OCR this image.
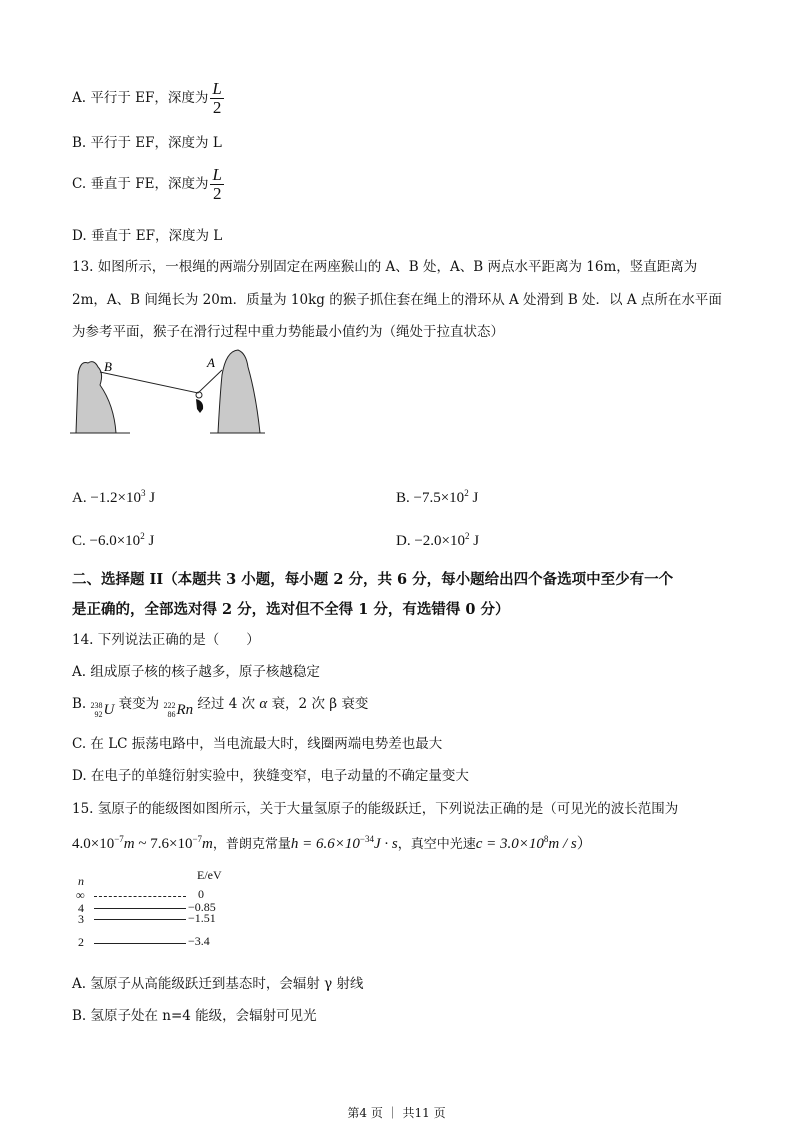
A. 平行于 EF，深度为 $\frac{L}{2}$
B. 平行于 EF，深度为 L
C. 垂直于 FE，深度为 $\frac{L}{2}$
D. 垂直于 EF，深度为 L
13. 如图所示，一根绳的两端分别固定在两座猴山的 A、B 处，A、B 两点水平距离为 16m，竖直距离为
2m，A、B 间绳长为 20m．质量为 10kg 的猴子抓住套在绳上的滑环从 A 处滑到 B 处．以 A 点所在水平面
为参考平面，猴子在滑行过程中重力势能最小值约为（绳处于拉直状态）
B	A
A. $-1.2\times 10^3$ J	B. $-7.5\times 10^2$ J
C. $-6.0\times 10^2$ J	D. $-2.0\times 10^2$ J
二、选择题 II（本题共 3 小题，每小题 2 分，共 6 分，每小题给出四个备选项中至少有一个
是正确的，全部选对得 2 分，选对但不全得 1 分，有选错得 0 分）
14. 下列说法正确的是（　　）
A. 组成原子核的核子越多，原子核越稳定
B. 238
92 U 衰变为 222
86 Rn 经过 4 次 α 衰，2 次 β 衰变
C. 在 LC 振荡电路中，当电流最大时，线圈两端电势差也最大
D. 在电子的单缝衍射实验中，狭缝变窄，电子动量的不确定量变大
15. 氢原子的能级图如图所示，关于大量氢原子的能级跃迁，下列说法正确的是（可见光的波长范围为
$4.0\times 10^{-7}m$ ~ $7.6\times 10^{-7}m$，普朗克常量$h = 6.6\times 10^{-34}J \cdot s$，真空中光速$c = 3.0\times 10^8m / s$）
n	E/eV
∞	0
4	−0.85
3	−1.51
2	−3.4
A. 氢原子从高能级跃迁到基态时，会辐射 γ 射线
B. 氢原子处在 n=4 能级，会辐射可见光
第4 页 ｜ 共11 页
